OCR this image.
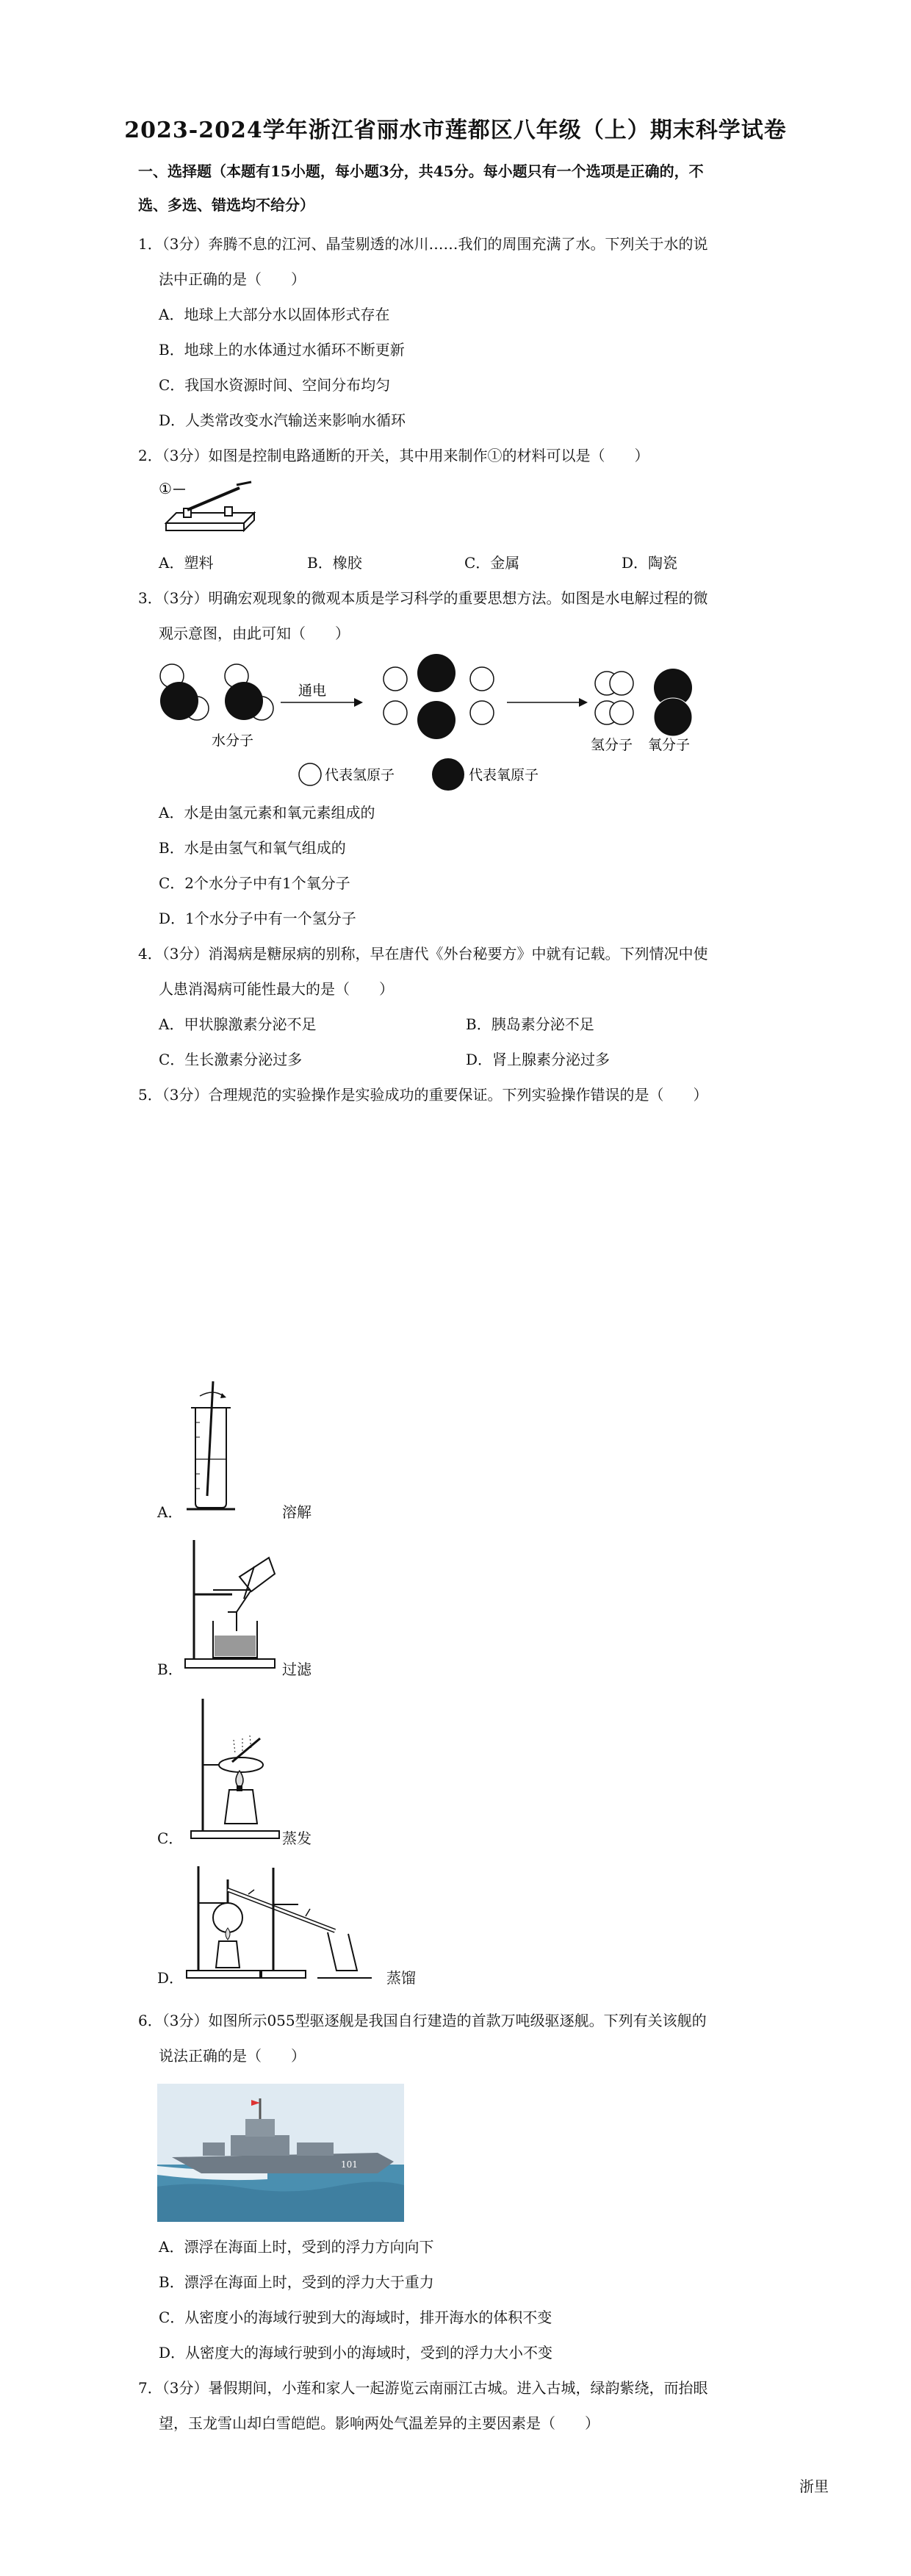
2023-2024学年浙江省丽水市莲都区八年级（上）期末科学试卷
一、选择题（本题有15小题，每小题3分，共45分。每小题只有一个选项是正确的，不
选、多选、错选均不给分）
1．（3分）奔腾不息的江河、晶莹剔透的冰川……我们的周围充满了水。下列关于水的说
法中正确的是（　　）
A．地球上大部分水以固体形式存在
B．地球上的水体通过水循环不断更新
C．我国水资源时间、空间分布均匀
D．人类常改变水汽输送来影响水循环
2．（3分）如图是控制电路通断的开关，其中用来制作①的材料可以是（　　）
①
A．塑料	B．橡胶	C．金属	D．陶瓷
3．（3分）明确宏观现象的微观本质是学习科学的重要思想方法。如图是水电解过程的微
观示意图，由此可知（　　）
水分子
通电
氢分子 氧分子
代表氢原子	代表氧原子
A．水是由氢元素和氧元素组成的
B．水是由氢气和氧气组成的
C．2个水分子中有1个氧分子
D．1个水分子中有一个氢分子
4．（3分）消渴病是糖尿病的别称，早在唐代《外台秘要方》中就有记载。下列情况中使
人患消渴病可能性最大的是（　　）
A．甲状腺激素分泌不足	B．胰岛素分泌不足
C．生长激素分泌过多	D．肾上腺素分泌过多
5．（3分）合理规范的实验操作是实验成功的重要保证。下列实验操作错误的是（　　）
A．	溶解
B．	过滤
C．	蒸发
D．	蒸馏
6．（3分）如图所示055型驱逐舰是我国自行建造的首款万吨级驱逐舰。下列有关该舰的
说法正确的是（　　）
101
A．漂浮在海面上时，受到的浮力方向向下
B．漂浮在海面上时，受到的浮力大于重力
C．从密度小的海域行驶到大的海域时，排开海水的体积不变
D．从密度大的海域行驶到小的海域时，受到的浮力大小不变
7．（3分）暑假期间，小莲和家人一起游览云南丽江古城。进入古城，绿韵紫绕，而抬眼
望，玉龙雪山却白雪皑皑。影响两处气温差异的主要因素是（　　）
浙里
